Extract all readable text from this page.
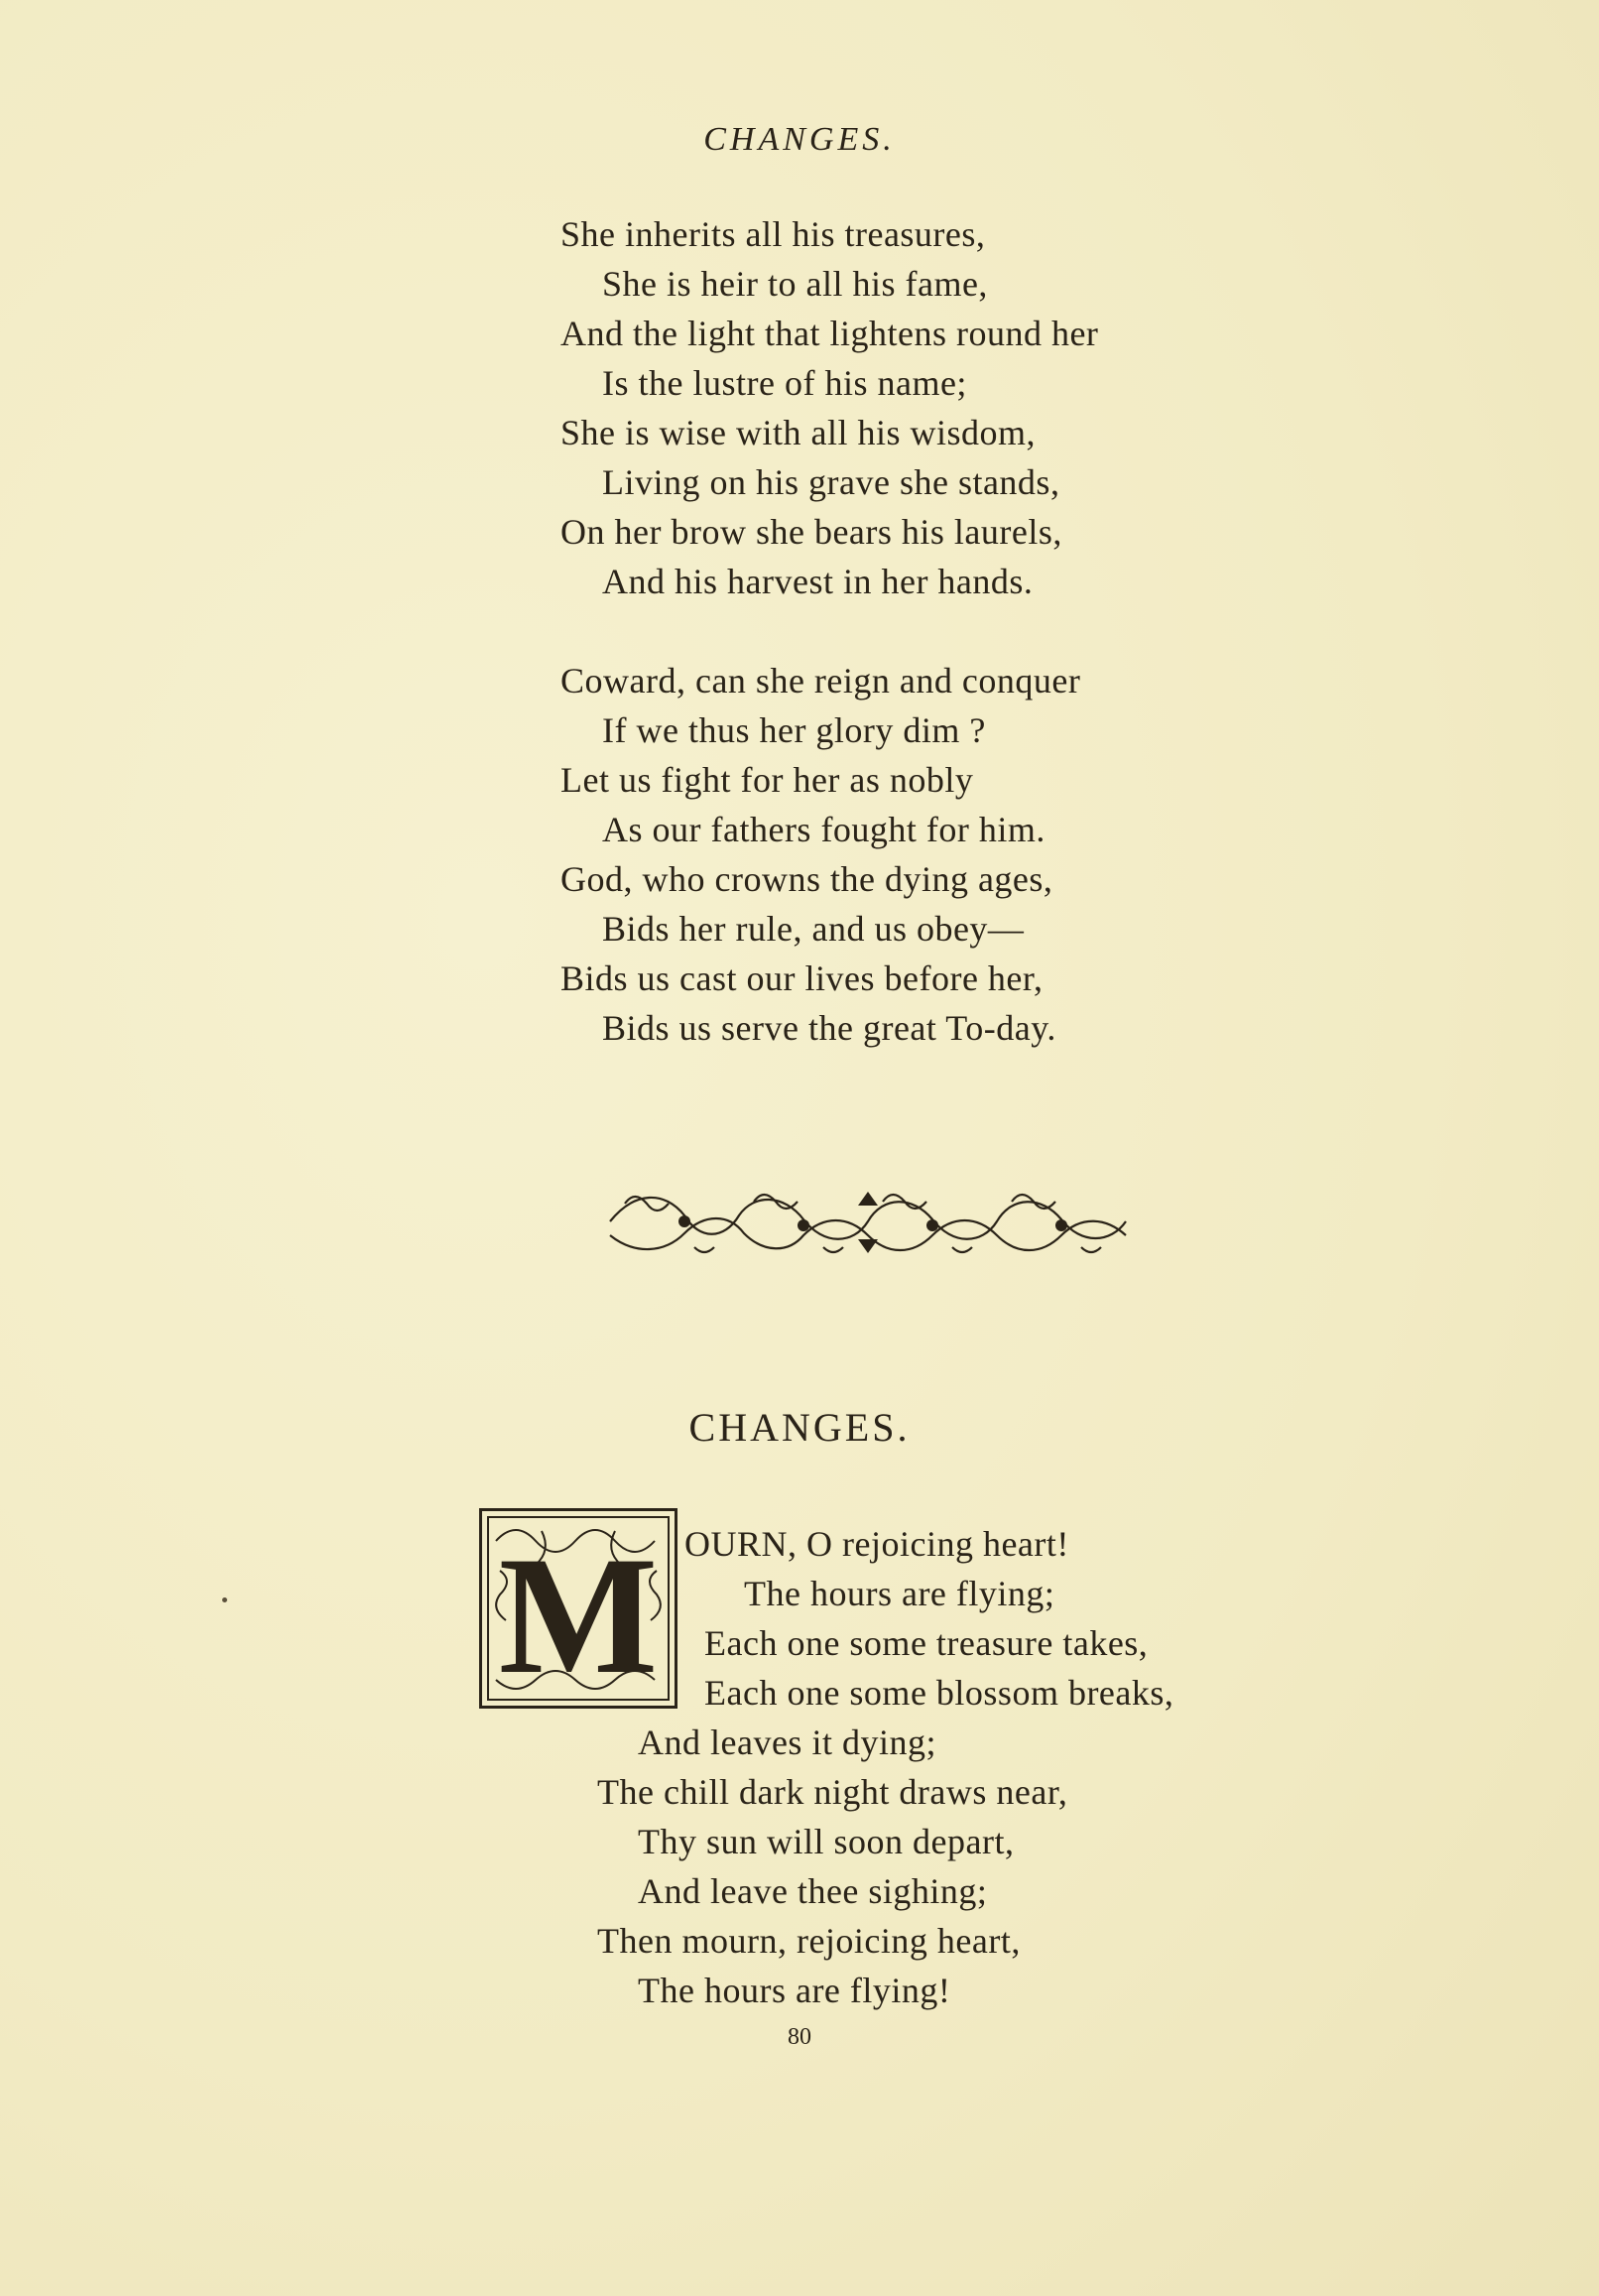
CHANGES.
She inherits all his treasures,
She is heir to all his fame,
And the light that lightens round her
Is the lustre of his name;
She is wise with all his wisdom,
Living on his grave she stands,
On her brow she bears his laurels,
And his harvest in her hands.
Coward, can she reign and conquer
If we thus her glory dim ?
Let us fight for her as nobly
As our fathers fought for him.
God, who crowns the dying ages,
Bids her rule, and us obey—
Bids us cast our lives before her,
Bids us serve the great To-day.
CHANGES.
M OURN, O rejoicing heart!
The hours are flying;
Each one some treasure takes,
Each one some blossom breaks,
And leaves it dying;
The chill dark night draws near,
Thy sun will soon depart,
And leave thee sighing;
Then mourn, rejoicing heart,
The hours are flying!
80
